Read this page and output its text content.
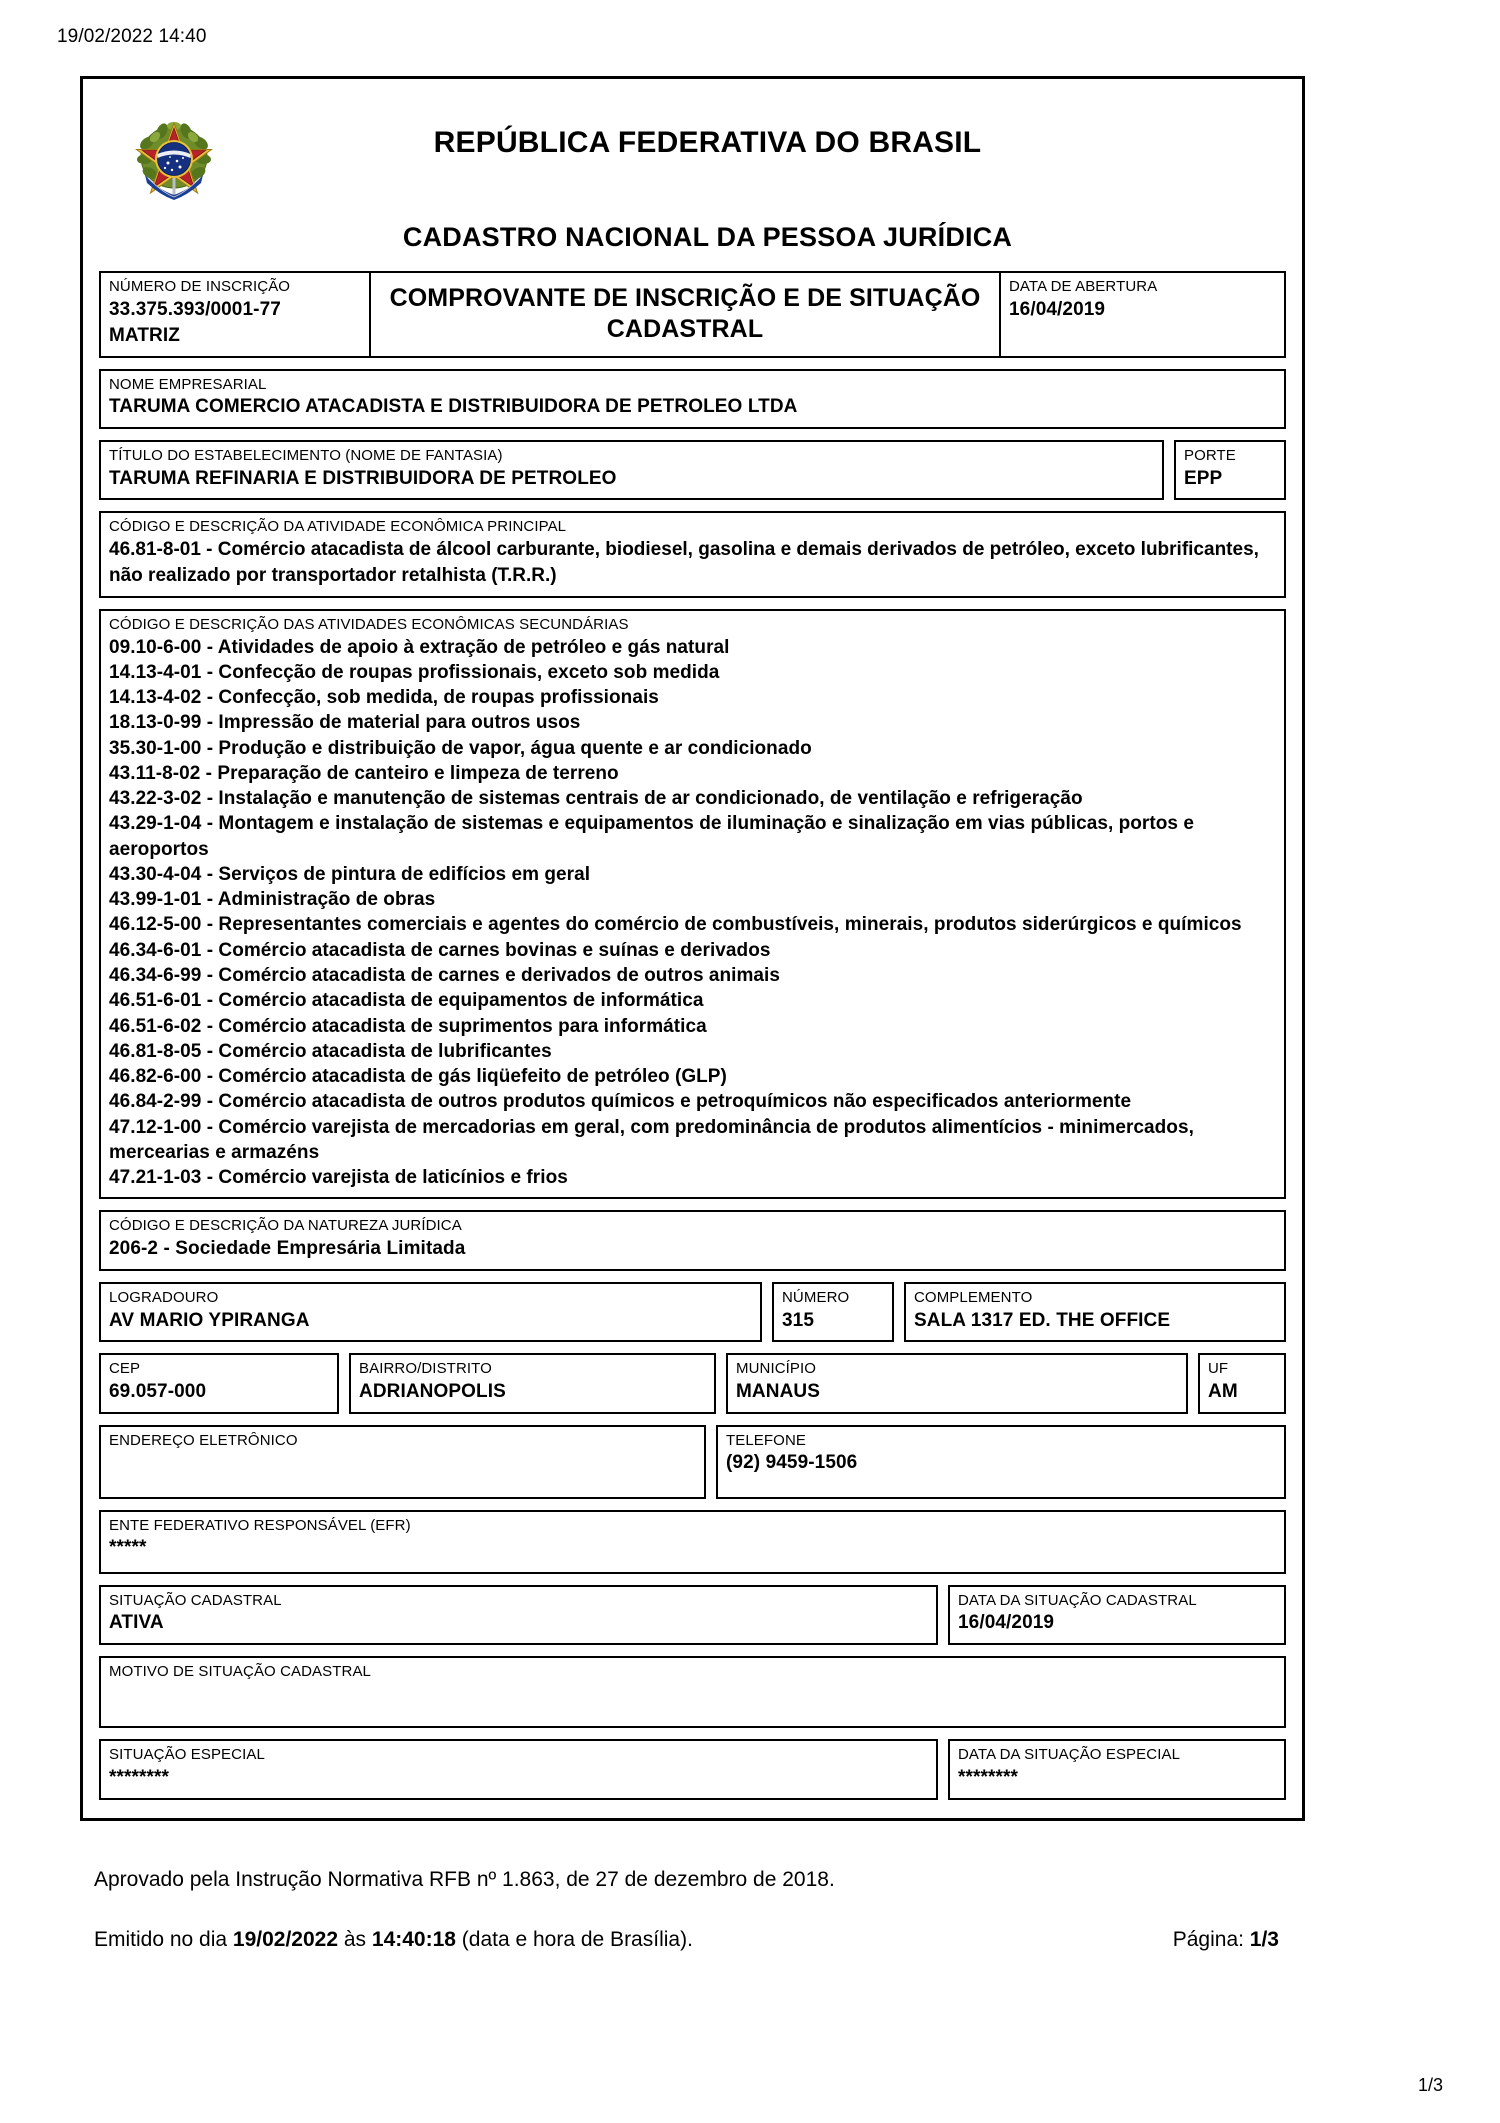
19/02/2022 14:40
REPÚBLICA FEDERATIVA DO BRASIL
CADASTRO NACIONAL DA PESSOA JURÍDICA
NÚMERO DE INSCRIÇÃO
33.375.393/0001-77
MATRIZ
COMPROVANTE DE INSCRIÇÃO E DE SITUAÇÃO CADASTRAL
DATA DE ABERTURA
16/04/2019
NOME EMPRESARIAL
TARUMA COMERCIO ATACADISTA E DISTRIBUIDORA DE PETROLEO LTDA
TÍTULO DO ESTABELECIMENTO (NOME DE FANTASIA)
TARUMA REFINARIA E DISTRIBUIDORA DE PETROLEO
PORTE
EPP
CÓDIGO E DESCRIÇÃO DA ATIVIDADE ECONÔMICA PRINCIPAL
46.81-8-01 - Comércio atacadista de álcool carburante, biodiesel, gasolina e demais derivados de petróleo, exceto lubrificantes, não realizado por transportador retalhista (T.R.R.)
CÓDIGO E DESCRIÇÃO DAS ATIVIDADES ECONÔMICAS SECUNDÁRIAS
09.10-6-00 - Atividades de apoio à extração de petróleo e gás natural
14.13-4-01 - Confecção de roupas profissionais, exceto sob medida
14.13-4-02 - Confecção, sob medida, de roupas profissionais
18.13-0-99 - Impressão de material para outros usos
35.30-1-00 - Produção e distribuição de vapor, água quente e ar condicionado
43.11-8-02 - Preparação de canteiro e limpeza de terreno
43.22-3-02 - Instalação e manutenção de sistemas centrais de ar condicionado, de ventilação e refrigeração
43.29-1-04 - Montagem e instalação de sistemas e equipamentos de iluminação e sinalização em vias públicas, portos e aeroportos
43.30-4-04 - Serviços de pintura de edifícios em geral
43.99-1-01 - Administração de obras
46.12-5-00 - Representantes comerciais e agentes do comércio de combustíveis, minerais, produtos siderúrgicos e químicos
46.34-6-01 - Comércio atacadista de carnes bovinas e suínas e derivados
46.34-6-99 - Comércio atacadista de carnes e derivados de outros animais
46.51-6-01 - Comércio atacadista de equipamentos de informática
46.51-6-02 - Comércio atacadista de suprimentos para informática
46.81-8-05 - Comércio atacadista de lubrificantes
46.82-6-00 - Comércio atacadista de gás liqüefeito de petróleo (GLP)
46.84-2-99 - Comércio atacadista de outros produtos químicos e petroquímicos não especificados anteriormente
47.12-1-00 - Comércio varejista de mercadorias em geral, com predominância de produtos alimentícios - minimercados, mercearias e armazéns
47.21-1-03 - Comércio varejista de laticínios e frios
CÓDIGO E DESCRIÇÃO DA NATUREZA JURÍDICA
206-2 - Sociedade Empresária Limitada
LOGRADOURO
AV MARIO YPIRANGA
NÚMERO
315
COMPLEMENTO
SALA 1317 ED. THE OFFICE
CEP
69.057-000
BAIRRO/DISTRITO
ADRIANOPOLIS
MUNICÍPIO
MANAUS
UF
AM
ENDEREÇO ELETRÔNICO	TELEFONE
(92) 9459-1506
ENTE FEDERATIVO RESPONSÁVEL (EFR)
*****
SITUAÇÃO CADASTRAL
ATIVA
DATA DA SITUAÇÃO CADASTRAL
16/04/2019
MOTIVO DE SITUAÇÃO CADASTRAL
SITUAÇÃO ESPECIAL
********
DATA DA SITUAÇÃO ESPECIAL
********
Aprovado pela Instrução Normativa RFB nº 1.863, de 27 de dezembro de 2018.
Emitido no dia 19/02/2022 às 14:40:18 (data e hora de Brasília).	Página: 1/3
1/3
